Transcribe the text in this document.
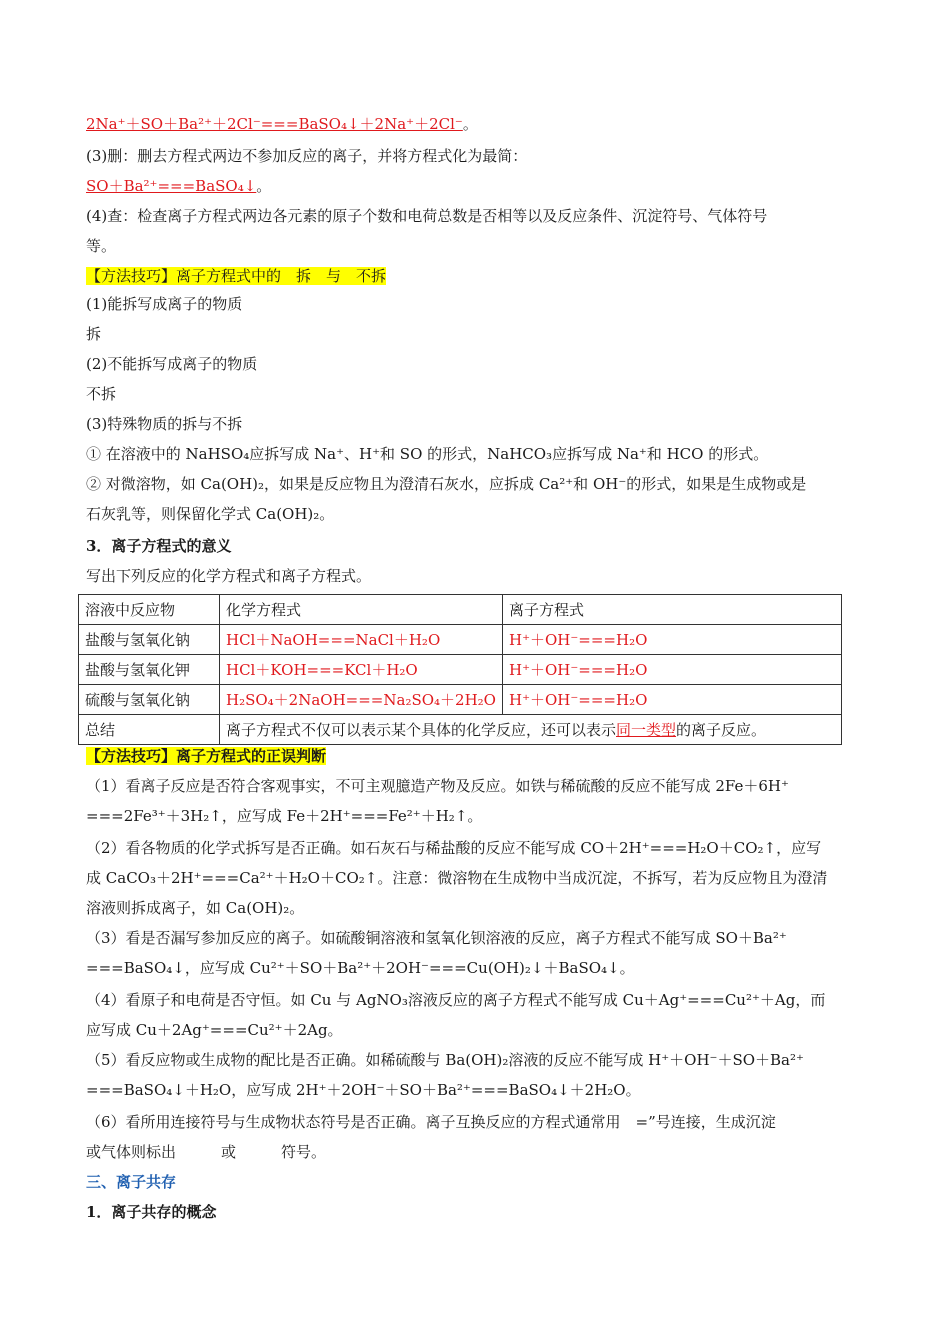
2Na⁺＋SO＋Ba²⁺＋2Cl⁻===BaSO₄↓＋2Na⁺＋2Cl⁻。
(3)删：删去方程式两边不参加反应的离子，并将方程式化为最简：
SO＋Ba²⁺===BaSO₄↓。
(4)查：检查离子方程式两边各元素的原子个数和电荷总数是否相等以及反应条件、沉淀符号、气体符号
等。
【方法技巧】离子方程式中的　拆　与　不拆
(1)能拆写成离子的物质
拆
(2)不能拆写成离子的物质
不拆
(3)特殊物质的拆与不拆
① 在溶液中的 NaHSO₄应拆写成 Na⁺、H⁺和 SO 的形式，NaHCO₃应拆写成 Na⁺和 HCO 的形式。
② 对微溶物，如 Ca(OH)₂，如果是反应物且为澄清石灰水，应拆成 Ca²⁺和 OH⁻的形式，如果是生成物或是
石灰乳等，则保留化学式 Ca(OH)₂。
3．离子方程式的意义
写出下列反应的化学方程式和离子方程式。
溶液中反应物	化学方程式	离子方程式
盐酸与氢氧化钠	HCl＋NaOH===NaCl＋H₂O	H⁺＋OH⁻===H₂O
盐酸与氢氧化钾	HCl＋KOH===KCl＋H₂O	H⁺＋OH⁻===H₂O
硫酸与氢氧化钠	H₂SO₄＋2NaOH===Na₂SO₄＋2H₂O	H⁺＋OH⁻===H₂O
总结	离子方程式不仅可以表示某个具体的化学反应，还可以表示同一类型的离子反应。	
【方法技巧】离子方程式的正误判断
（1）看离子反应是否符合客观事实，不可主观臆造产物及反应。如铁与稀硫酸的反应不能写成 2Fe＋6H⁺
===2Fe³⁺＋3H₂↑，应写成 Fe＋2H⁺===Fe²⁺＋H₂↑。
（2）看各物质的化学式拆写是否正确。如石灰石与稀盐酸的反应不能写成 CO＋2H⁺===H₂O＋CO₂↑，应写
成 CaCO₃＋2H⁺===Ca²⁺＋H₂O＋CO₂↑。注意：微溶物在生成物中当成沉淀，不拆写，若为反应物且为澄清
溶液则拆成离子，如 Ca(OH)₂。
（3）看是否漏写参加反应的离子。如硫酸铜溶液和氢氧化钡溶液的反应，离子方程式不能写成 SO＋Ba²⁺
===BaSO₄↓，应写成 Cu²⁺＋SO＋Ba²⁺＋2OH⁻===Cu(OH)₂↓＋BaSO₄↓。
（4）看原子和电荷是否守恒。如 Cu 与 AgNO₃溶液反应的离子方程式不能写成 Cu＋Ag⁺===Cu²⁺＋Ag，而
应写成 Cu＋2Ag⁺===Cu²⁺＋2Ag。
（5）看反应物或生成物的配比是否正确。如稀硫酸与 Ba(OH)₂溶液的反应不能写成 H⁺＋OH⁻＋SO＋Ba²⁺
===BaSO₄↓＋H₂O，应写成 2H⁺＋2OH⁻＋SO＋Ba²⁺===BaSO₄↓＋2H₂O。
（6）看所用连接符号与生成物状态符号是否正确。离子互换反应的方程式通常用　=”号连接，生成沉淀
或气体则标出　　　或　　　符号。
三、离子共存
1．离子共存的概念
